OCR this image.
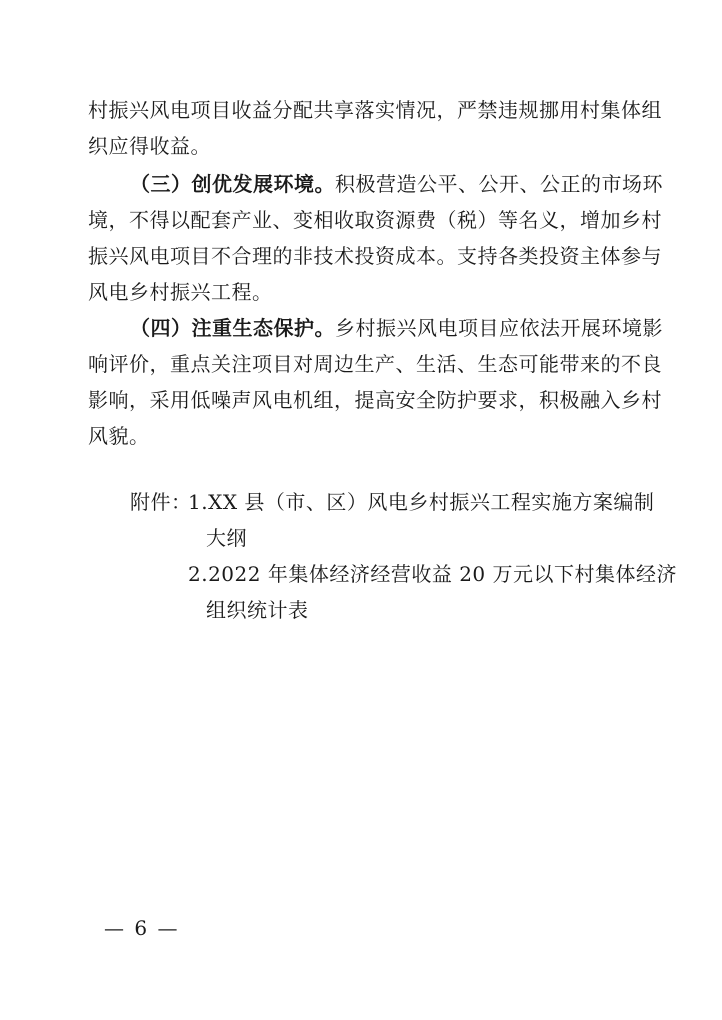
村振兴风电项目收益分配共享落实情况，严禁违规挪用村集体组
织应得收益。
（三）创优发展环境。积极营造公平、公开、公正的市场环
境，不得以配套产业、变相收取资源费（税）等名义，增加乡村
振兴风电项目不合理的非技术投资成本。支持各类投资主体参与
风电乡村振兴工程。
（四）注重生态保护。乡村振兴风电项目应依法开展环境影
响评价，重点关注项目对周边生产、生活、生态可能带来的不良
影响，采用低噪声风电机组，提高安全防护要求，积极融入乡村
风貌。
附件：1.XX 县（市、区）风电乡村振兴工程实施方案编制
大纲
2.2022 年集体经济经营收益 20 万元以下村集体经济
组织统计表
— 6 —
